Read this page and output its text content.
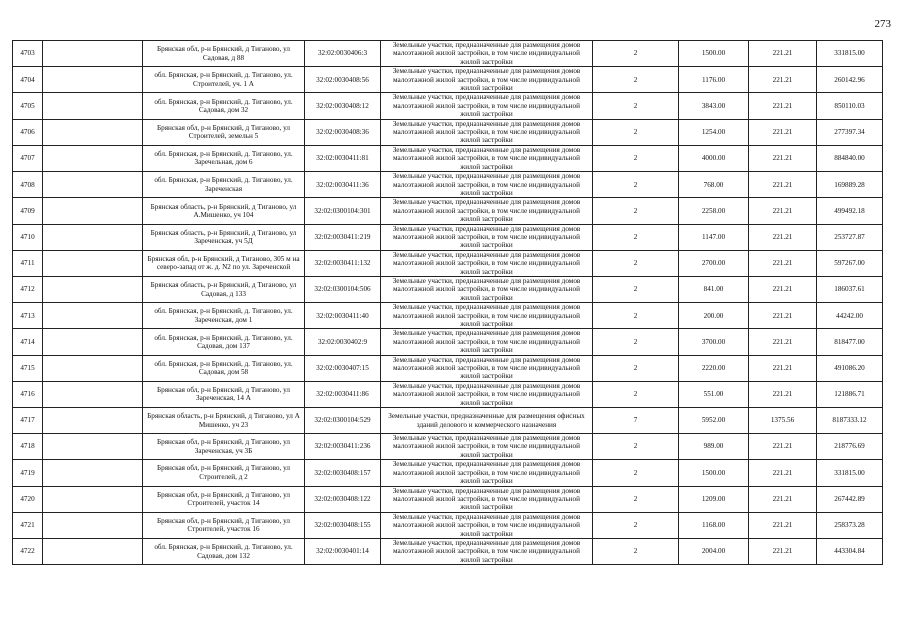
273
4703		Брянская обл, р-н Брянский, д Тиганово, ул Садовая, д 88	32:02:0030406:3	Земельные участки, предназначенные для размещения домов малоэтажной жилой застройки, в том числе индивидуальной жилой застройки	2	1500.00	221.21	331815.00
4704		обл. Брянская, р-н Брянский, д. Тиганово, ул. Строителей, уч. 1 А	32:02:0030408:56	Земельные участки, предназначенные для размещения домов малоэтажной жилой застройки, в том числе индивидуальной жилой застройки	2	1176.00	221.21	260142.96
4705		обл. Брянская, р-н Брянский, д. Тиганово, ул. Садовая, дом 32	32:02:0030408:12	Земельные участки, предназначенные для размещения домов малоэтажной жилой застройки, в том числе индивидуальной жилой застройки	2	3843.00	221.21	850110.03
4706		Брянская обл, р-н Брянский, д Тиганово, ул Строителей, земельн 5	32:02:0030408:36	Земельные участки, предназначенные для размещения домов малоэтажной жилой застройки, в том числе индивидуальной жилой застройки	2	1254.00	221.21	277397.34
4707		обл. Брянская, р-н Брянский, д. Тиганово, ул. Заречельная, дом 6	32:02:0030411:81	Земельные участки, предназначенные для размещения домов малоэтажной жилой застройки, в том числе индивидуальной жилой застройки	2	4000.00	221.21	884840.00
4708		обл. Брянская, р-н Брянский, д. Тиганово, ул. Зареченская	32:02:0030411:36	Земельные участки, предназначенные для размещения домов малоэтажной жилой застройки, в том числе индивидуальной жилой застройки	2	768.00	221.21	169889.28
4709		Брянская область, р-н Брянский, д Тиганово, ул А.Мишенко, уч 104	32:02:0300104:301	Земельные участки, предназначенные для размещения домов малоэтажной жилой застройки, в том числе индивидуальной жилой застройки	2	2258.00	221.21	499492.18
4710		Брянская область, р-н Брянский, д Тиганово, ул Зареченская, уч 5Д	32:02:0030411:219	Земельные участки, предназначенные для размещения домов малоэтажной жилой застройки, в том числе индивидуальной жилой застройки	2	1147.00	221.21	253727.87
4711		Брянская обл, р-н Брянский, д Тиганово, 305 м на северо-запад от ж. д. N2 по ул. Зареченской	32:02:0030411:132	Земельные участки, предназначенные для размещения домов малоэтажной жилой застройки, в том числе индивидуальной жилой застройки	2	2700.00	221.21	597267.00
4712		Брянская область, р-н Брянский, д Тиганово, ул Садовая, д 133	32:02:0300104:506	Земельные участки, предназначенные для размещения домов малоэтажной жилой застройки, в том числе индивидуальной жилой застройки	2	841.00	221.21	186037.61
4713		обл. Брянская, р-н Брянский, д. Тиганово, ул. Зареченская, дом 1	32:02:0030411:40	Земельные участки, предназначенные для размещения домов малоэтажной жилой застройки, в том числе индивидуальной жилой застройки	2	200.00	221.21	44242.00
4714		обл. Брянская, р-н Брянский, д. Тиганово, ул. Садовая, дом 137	32:02:0030402:9	Земельные участки, предназначенные для размещения домов малоэтажной жилой застройки, в том числе индивидуальной жилой застройки	2	3700.00	221.21	818477.00
4715		обл. Брянская, р-н Брянский, д. Тиганово, ул. Садовая, дом 58	32:02:0030407:15	Земельные участки, предназначенные для размещения домов малоэтажной жилой застройки, в том числе индивидуальной жилой застройки	2	2220.00	221.21	491086.20
4716		Брянская обл, р-н Брянский, д Тиганово, ул Зареченская, 14 А	32:02:0030411:86	Земельные участки, предназначенные для размещения домов малоэтажной жилой застройки, в том числе индивидуальной жилой застройки	2	551.00	221.21	121886.71
4717		Брянская область, р-н Брянский, д Тиганово, ул А Мишенко, уч 23	32:02:0300104:529	Земельные участки, предназначенные для размещения офисных зданий делового и коммерческого назначения	7	5952.00	1375.56	8187333.12
4718		Брянская обл, р-н Брянский, д Тиганово, ул Зареченская, уч 3Б	32:02:0030411:236	Земельные участки, предназначенные для размещения домов малоэтажной жилой застройки, в том числе индивидуальной жилой застройки	2	989.00	221.21	218776.69
4719		Брянская обл, р-н Брянский, д Тиганово, ул Строителей, д 2	32:02:0030408:157	Земельные участки, предназначенные для размещения домов малоэтажной жилой застройки, в том числе индивидуальной жилой застройки	2	1500.00	221.21	331815.00
4720		Брянская обл, р-н Брянский, д Тиганово, ул Строителей, участок 14	32:02:0030408:122	Земельные участки, предназначенные для размещения домов малоэтажной жилой застройки, в том числе индивидуальной жилой застройки	2	1209.00	221.21	267442.89
4721		Брянская обл, р-н Брянский, д Тиганово, ул Строителей, участок 16	32:02:0030408:155	Земельные участки, предназначенные для размещения домов малоэтажной жилой застройки, в том числе индивидуальной жилой застройки	2	1168.00	221.21	258373.28
4722		обл. Брянская, р-н Брянский, д. Тиганово, ул. Садовая, дом 132	32:02:0030401:14	Земельные участки, предназначенные для размещения домов малоэтажной жилой застройки, в том числе индивидуальной жилой застройки	2	2004.00	221.21	443304.84
